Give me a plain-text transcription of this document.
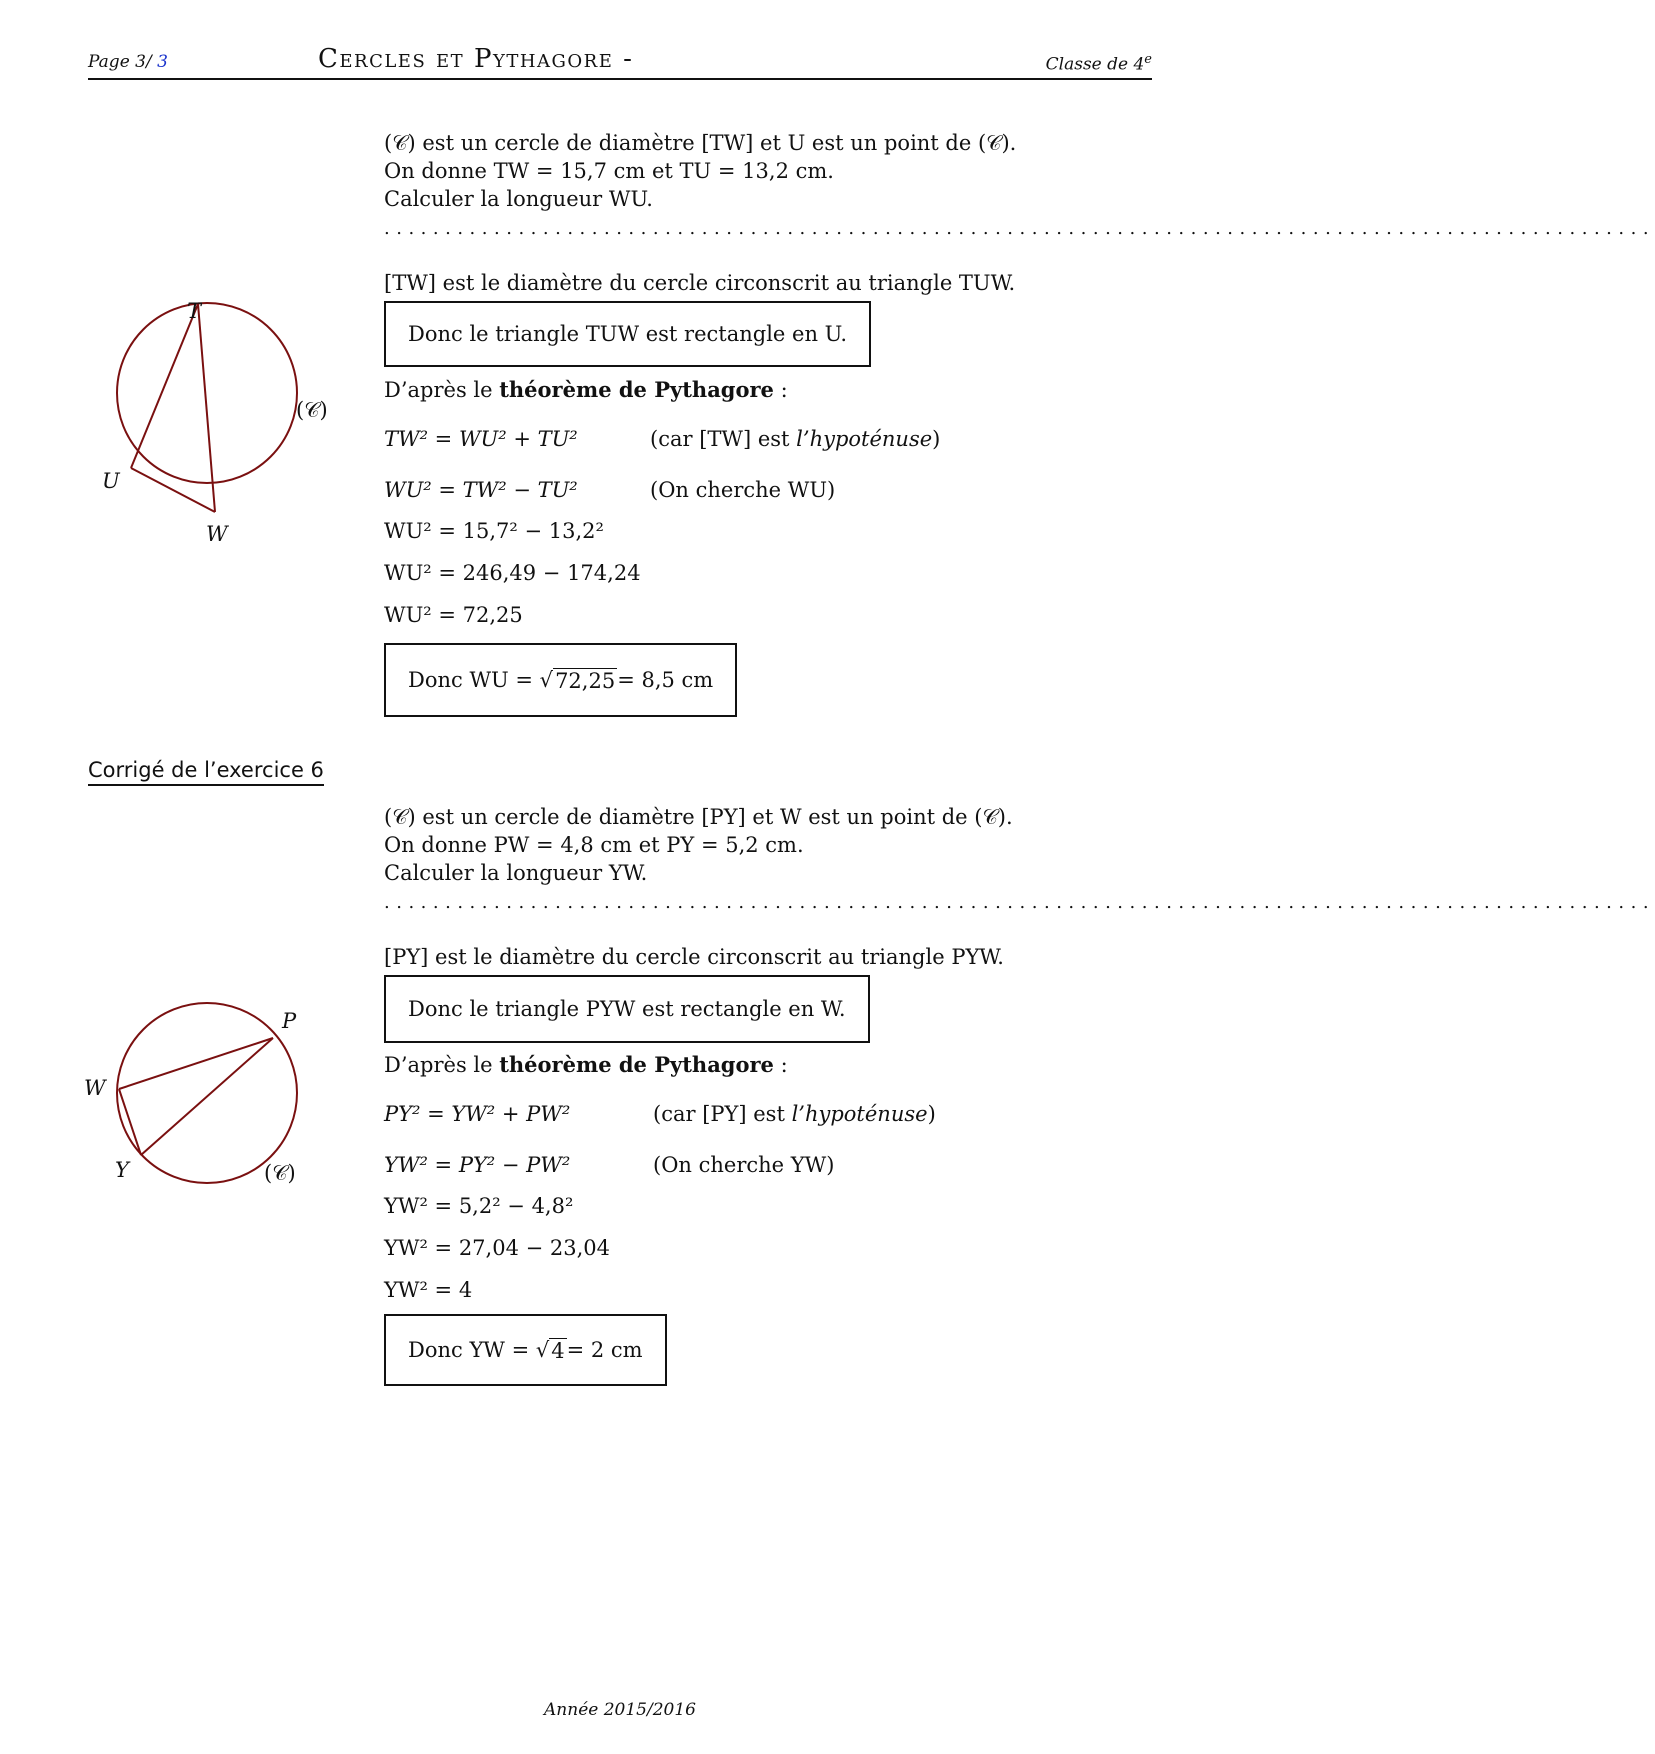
Page 3/ 3	Cercles et Pythagore -	Classe de 4e
T
U
W
(𝒞)
(𝒞) est un cercle de diamètre [TW] et U est un point de (𝒞).
On donne TW = 15,7 cm et TU = 13,2 cm.
Calculer la longueur WU.
........................................................................................................
[TW] est le diamètre du cercle circonscrit au triangle TUW.
Donc le triangle TUW est rectangle en U.
D’après le théorème de Pythagore :
TW² = WU² + TU²	(car [TW] est l’hypoténuse)
WU² = TW² − TU²	(On cherche WU)
WU² = 15,7² − 13,2²
WU² = 246,49 − 174,24
WU² = 72,25
Donc WU = √ 72,25 = 8,5 cm
Corrigé de l’exercice 6
P
W
Y	(𝒞)
(𝒞) est un cercle de diamètre [PY] et W est un point de (𝒞).
On donne PW = 4,8 cm et PY = 5,2 cm.
Calculer la longueur YW.
........................................................................................................
[PY] est le diamètre du cercle circonscrit au triangle PYW.
Donc le triangle PYW est rectangle en W.
D’après le théorème de Pythagore :
PY² = YW² + PW²	(car [PY] est l’hypoténuse)
YW² = PY² − PW²	(On cherche YW)
YW² = 5,2² − 4,8²
YW² = 27,04 − 23,04
YW² = 4
Donc YW = √ 4 = 2 cm
Année 2015/2016
